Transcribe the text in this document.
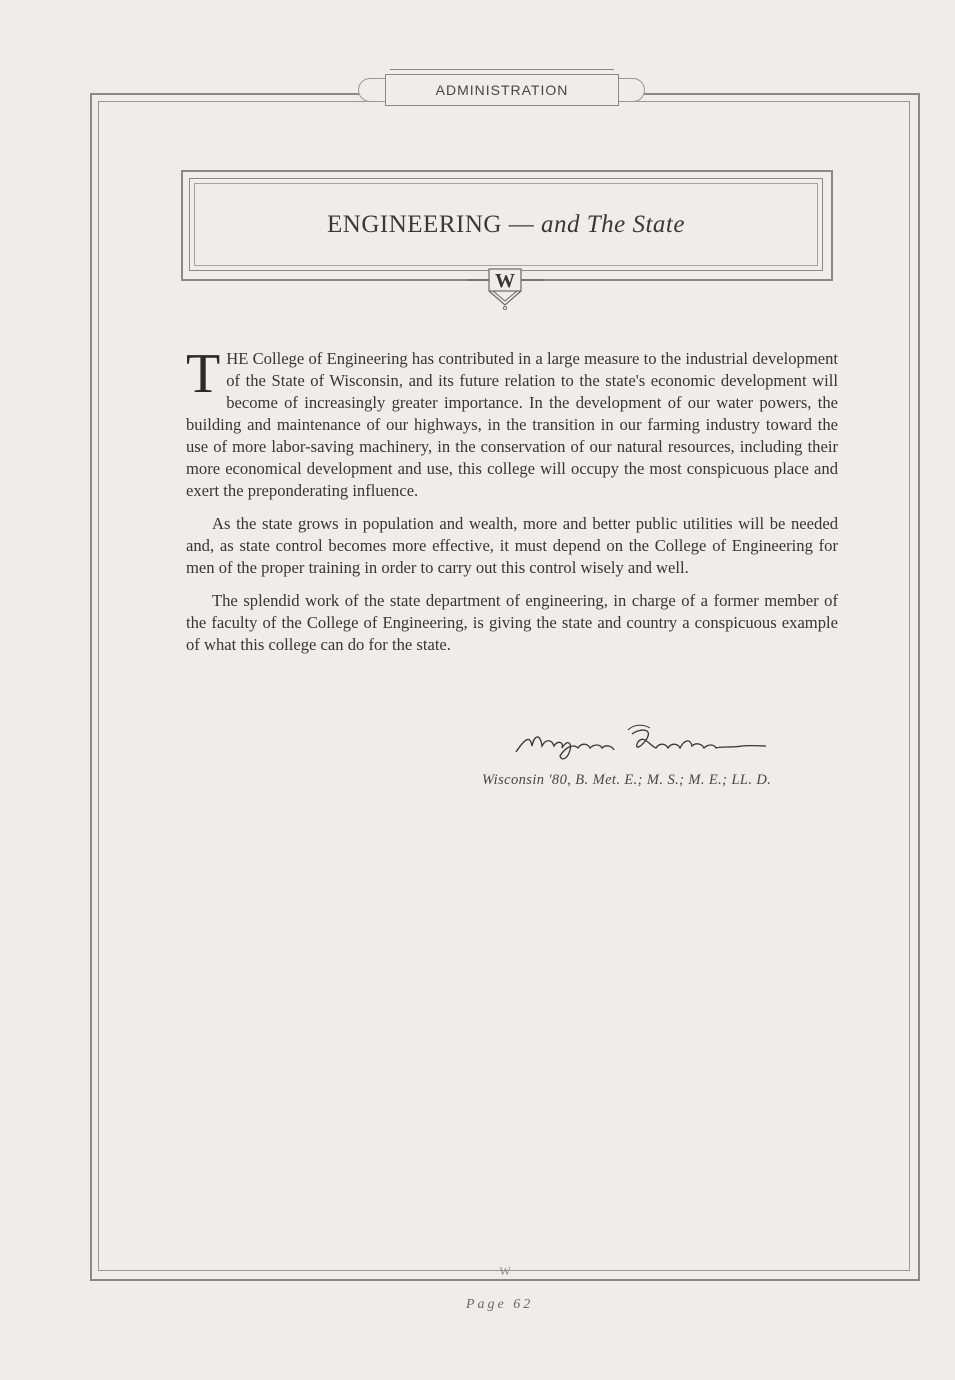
ADMINISTRATION
ENGINEERING — and The State
W

THE College of Engineering has contributed in a large measure to the industrial development of the State of Wisconsin, and its future relation to the state's economic development will become of increasingly greater importance. In the development of our water powers, the building and maintenance of our highways, in the transition in our farming industry toward the use of more labor-saving machinery, in the conservation of our natural resources, including their more economical development and use, this college will occupy the most conspicuous place and exert the preponderating influence.

As the state grows in population and wealth, more and better public utilities will be needed and, as state control becomes more effective, it must depend on the College of Engineering for men of the proper training in order to carry out this control wisely and well.

The splendid work of the state department of engineering, in charge of a former member of the faculty of the College of Engineering, is giving the state and country a conspicuous example of what this college can do for the state.

Wisconsin '80, B. Met. E.; M. S.; M. E.; LL. D.
W
Page 62
